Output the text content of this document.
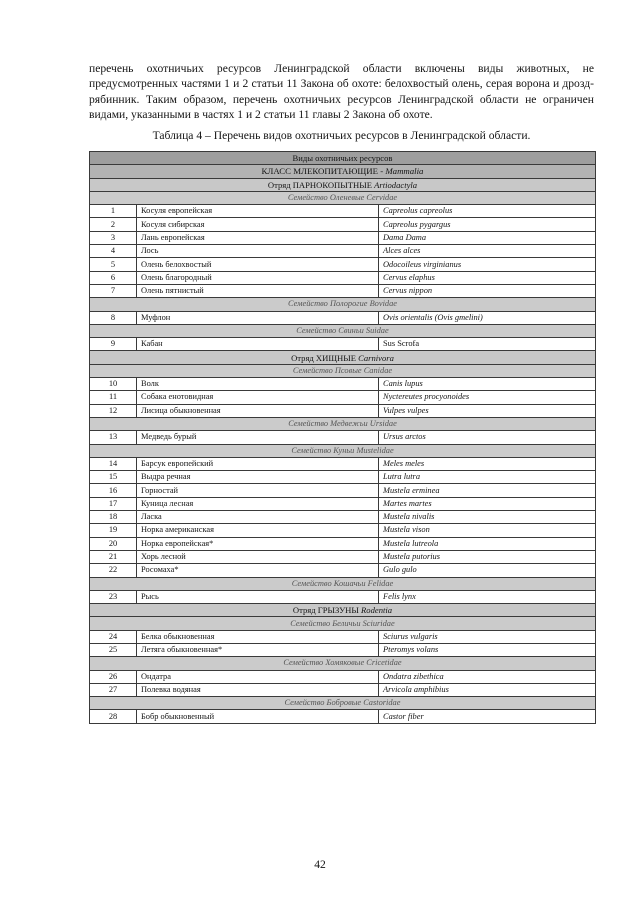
перечень охотничьих ресурсов Ленинградской области включены виды животных, не предусмотренных частями 1 и 2 статьи 11 Закона об охоте: белохвостый олень, серая ворона и дрозд-рябинник. Таким образом, перечень охотничьих ресурсов Ленинградской области не ограничен видами, указанными в частях 1 и 2 статьи 11 главы 2 Закона об охоте.

Таблица 4 – Перечень видов охотничьих ресурсов в Ленинградской области.

Виды охотничьих ресурсов		
КЛАСС МЛЕКОПИТАЮЩИЕ - Mammalia		
Отряд ПАРНОКОПЫТНЫЕ Artiodactyla		
Семейство Оленевые Cervidae		
1	Косуля европейская	Capreolus capreolus
2	Косуля сибирская	Capreolus pygargus
3	Лань европейская	Dama Dama
4	Лось	Alces alces
5	Олень белохвостый	Odocoileus virginianus
6	Олень благородный	Cervus elaphus
7	Олень пятнистый	Cervus nippon
Семейство Полорогие Bovidae		
8	Муфлон	Ovis orientalis (Ovis gmelini)
Семейство Свиньи Suidae		
9	Кабан	Sus Scrofa
Отряд ХИЩНЫЕ Carnivora		
Семейство Псовые Canidae		
10	Волк	Canis lupus
11	Собака енотовидная	Nyctereutes procyonoides
12	Лисица обыкновенная	Vulpes vulpes
Семейство Медвежьи Ursidae		
13	Медведь бурый	Ursus arctos
Семейство Куньи Mustelidae		
14	Барсук европейский	Meles meles
15	Выдра речная	Lutra lutra
16	Горностай	Mustela erminea
17	Куница лесная	Martes martes
18	Ласка	Mustela nivalis
19	Норка американская	Mustela vison
20	Норка европейская*	Mustela lutreola
21	Хорь лесной	Mustela putorius
22	Росомаха*	Gulo gulo
Семейство Кошачьи Felidae		
23	Рысь	Felis lynx
Отряд ГРЫЗУНЫ Rodentia		
Семейство Беличьи Sciuridae		
24	Белка обыкновенная	Sciurus vulgaris
25	Летяга обыкновенная*	Pteromys volans
Семейство Хомяковые Cricetidae		
26	Ондатра	Ondatra zibethica
27	Полевка водяная	Arvicola amphibius
Семейство Бобровые Castoridae		
28	Бобр обыкновенный	Castor fiber
42
